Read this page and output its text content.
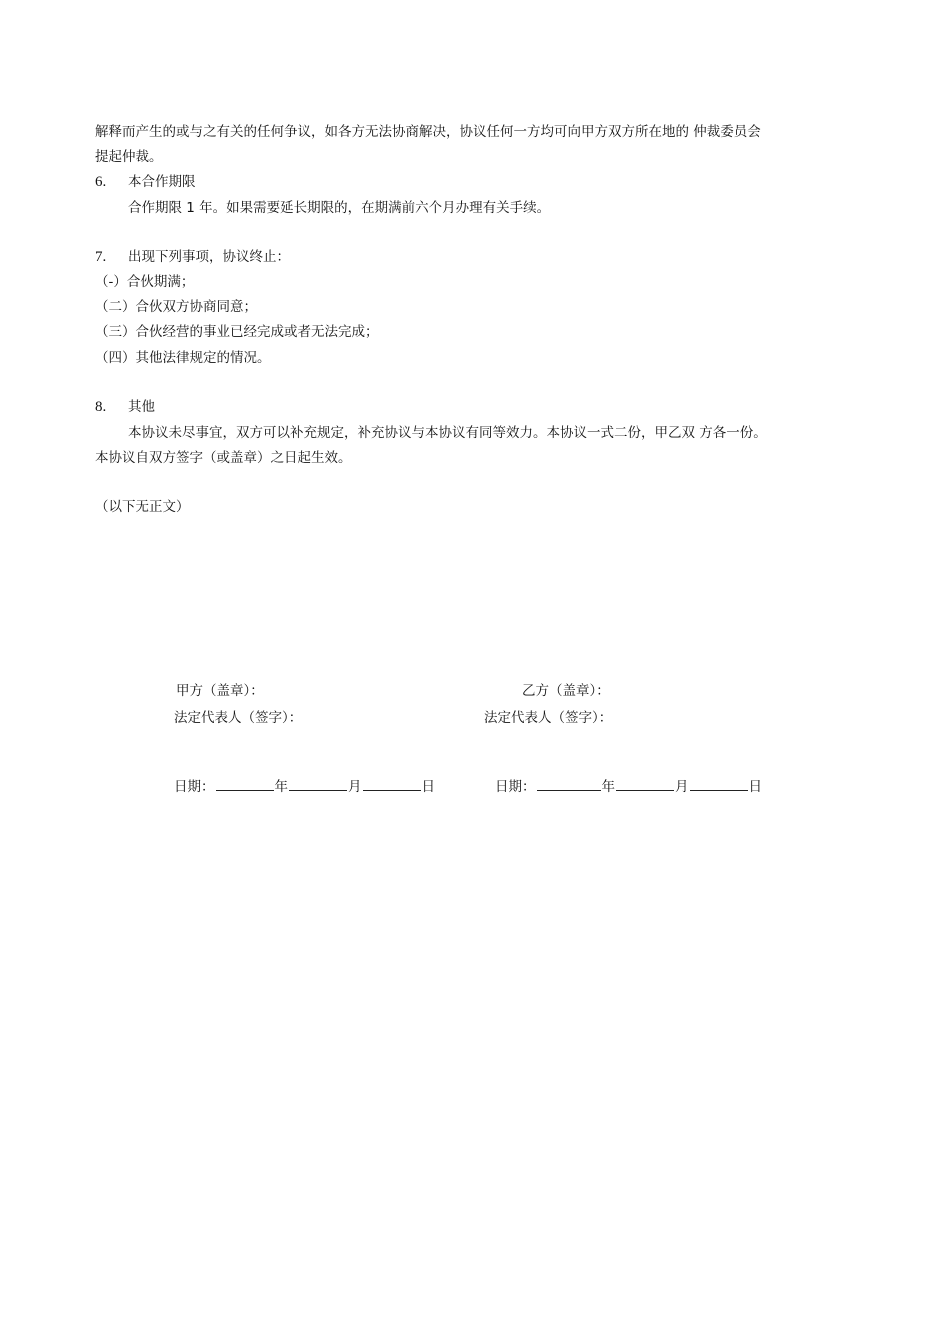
解释而产生的或与之有关的任何争议，如各方无法协商解决，协议任何一方均可向甲方双方所在地的 仲裁委员会
提起仲裁。
6. 本合作期限
合作期限 1 年。如果需要延长期限的，在期满前六个月办理有关手续。
7. 出现下列事项，协议终止：
（-）合伙期满；
（二）合伙双方协商同意；
（三）合伙经营的事业已经完成或者无法完成；
（四）其他法律规定的情况。
8. 其他
本协议未尽事宜，双方可以补充规定，补充协议与本协议有同等效力。本协议一式二份，甲乙双 方各一份。
本协议自双方签字（或盖章）之日起生效。
（以下无正文）
甲方（盖章）：
法定代表人（签字）：
日期：	年	月	日
乙方（盖章）：
法定代表人（签字）：
日期：	年	月	日
